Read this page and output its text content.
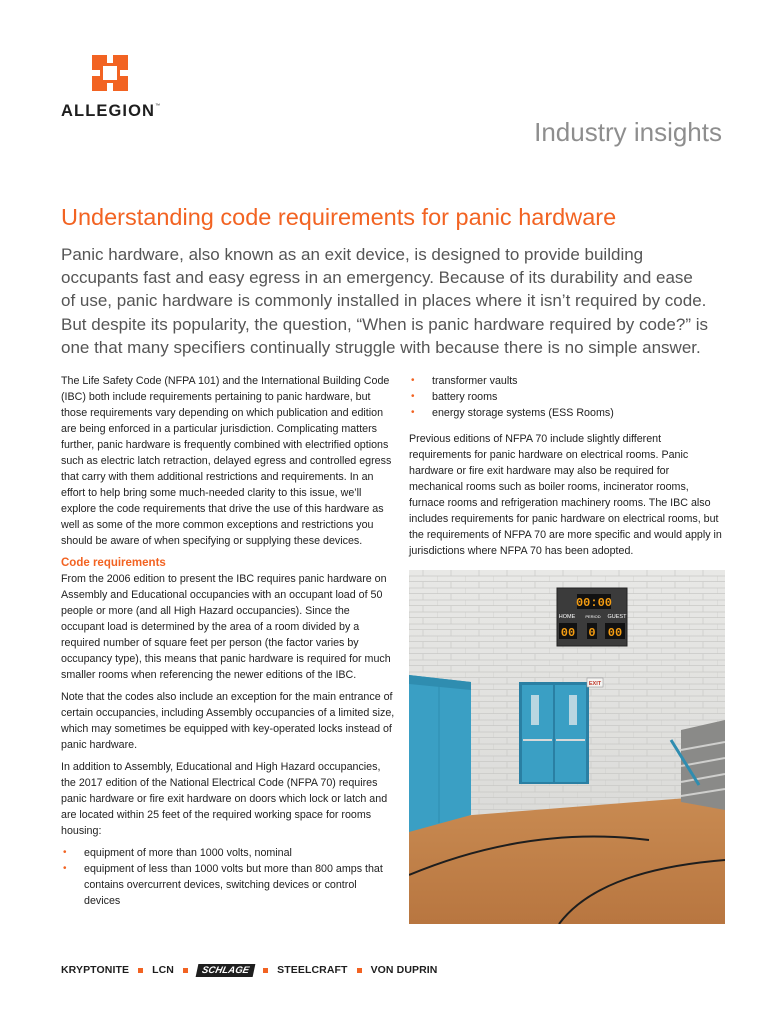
ALLEGION™
Industry insights
Understanding code requirements for panic hardware

Panic hardware, also known as an exit device, is designed to provide building occupants fast and easy egress in an emergency. Because of its durability and ease of use, panic hardware is commonly installed in places where it isn’t required by code. But despite its popularity, the question, “When is panic hardware required by code?” is one that many specifiers continually struggle with because there is no simple answer.

The Life Safety Code (NFPA 101) and the International Building Code (IBC) both include requirements pertaining to panic hardware, but those requirements vary depending on which publication and edition are being enforced in a particular jurisdiction. Complicating matters further, panic hardware is frequently combined with electrified options such as electric latch retraction, delayed egress and controlled egress that carry with them additional restrictions and requirements. In an effort to help bring some much-needed clarity to this issue, we’ll explore the code requirements that drive the use of this hardware as well as some of the more common exceptions and restrictions you should be aware of when specifying or supplying these devices.

Code requirements

From the 2006 edition to present the IBC requires panic hardware on Assembly and Educational occupancies with an occupant load of 50 people or more (and all High Hazard occupancies). Since the occupant load is determined by the area of a room divided by a required number of square feet per person (the factor varies by occupancy type), this means that panic hardware is required for much smaller rooms when referencing the newer editions of the IBC.

Note that the codes also include an exception for the main entrance of certain occupancies, including Assembly occupancies of a limited size, which may sometimes be equipped with key-operated locks instead of panic hardware.

In addition to Assembly, Educational and High Hazard occupancies, the 2017 edition of the National Electrical Code (NFPA 70) requires panic hardware or fire exit hardware on doors which lock or latch and are located within 25 feet of the required working space for rooms housing:

• equipment of more than 1000 volts, nominal
• equipment of less than 1000 volts but more than 800 amps that contains overcurrent devices, switching devices or control devices
• transformer vaults
• battery rooms
• energy storage systems (ESS Rooms)

Previous editions of NFPA 70 include slightly different requirements for panic hardware on electrical rooms. Panic hardware or fire exit hardware may also be required for mechanical rooms such as boiler rooms, incinerator rooms, furnace rooms and refrigeration machinery rooms. The IBC also includes requirements for panic hardware on electrical rooms, but the requirements of NFPA 70 are more specific and would apply in jurisdictions where NFPA 70 has been adopted.

EXIT
00:00
HOME	PERIOD GUEST
00 0 00
KRYPTONITE LCN	SCHLAGE	STEELCRAFT VON DUPRIN
